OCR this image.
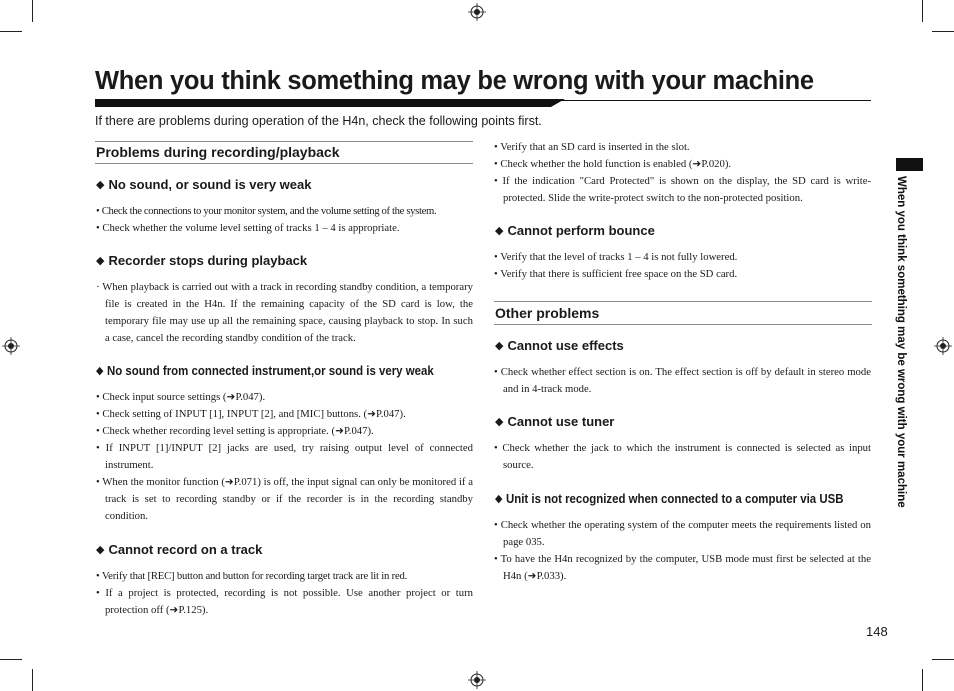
When you think something may be wrong with your machine
If there are problems during operation of the H4n, check the following points first.
Problems during recording/playback
◆ No sound, or sound is very weak
• Check the connections to your monitor system, and the volume setting of the system.
• Check whether the volume level setting of tracks 1 – 4 is appropriate.
◆ Recorder stops during playback
· When playback is carried out with a track in recording standby condition, a temporary file is created in the H4n. If the remaining capacity of the SD card is low, the temporary file may use up all the remaining space, causing playback to stop. In such a case, cancel the recording standby condition of the track.
◆ No sound from connected instrument,or sound is very weak
• Check input source settings (➜P.047).
• Check setting of INPUT [1], INPUT [2], and [MIC] buttons. (➜P.047).
• Check whether recording level setting is appropriate. (➜P.047).
• If INPUT [1]/INPUT [2] jacks are used, try raising output level of connected instrument.
• When the monitor function (➜P.071) is off, the input signal can only be monitored if a track is set to recording standby or if the recorder is in the recording standby condition.
◆ Cannot record on a track
• Verify that [REC] button and button for recording target track are lit in red.
• If a project is protected, recording is not possible. Use another project or turn protection off (➜P.125).
• Verify that an SD card is inserted in the slot.
• Check whether the hold function is enabled (➜P.020).
• If the indication "Card Protected" is shown on the display, the SD card is write-protected. Slide the write-protect switch to the non-protected position.
◆ Cannot perform bounce
• Verify that the level of tracks 1 – 4 is not fully lowered.
• Verify that there is sufficient free space on the SD card.
Other problems
◆ Cannot use effects
• Check whether effect section is on. The effect section is off by default in stereo mode and in 4-track mode.
◆ Cannot use tuner
• Check whether the jack to which the instrument is connected is selected as input source.
◆ Unit is not recognized when connected to a computer via USB
• Check whether the operating system of the computer meets the requirements listed on page 035.
• To have the H4n recognized by the computer, USB mode must first be selected at the H4n (➜P.033).
When you think something may be wrong with your machine
148
